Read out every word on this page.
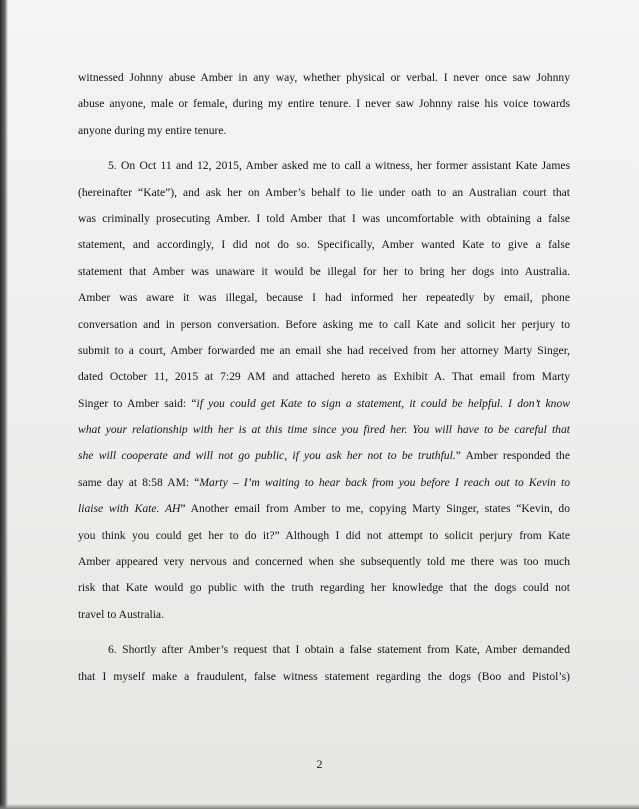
witnessed Johnny abuse Amber in any way, whether physical or verbal. I never once saw Johnny
abuse anyone, male or female, during my entire tenure. I never saw Johnny raise his voice towards
anyone during my entire tenure.
5. On Oct 11 and 12, 2015, Amber asked me to call a witness, her former assistant Kate James
(hereinafter “Kate”), and ask her on Amber’s behalf to lie under oath to an Australian court that
was criminally prosecuting Amber. I told Amber that I was uncomfortable with obtaining a false
statement, and accordingly, I did not do so. Specifically, Amber wanted Kate to give a false
statement that Amber was unaware it would be illegal for her to bring her dogs into Australia.
Amber was aware it was illegal, because I had informed her repeatedly by email, phone
conversation and in person conversation. Before asking me to call Kate and solicit her perjury to
submit to a court, Amber forwarded me an email she had received from her attorney Marty Singer,
dated October 11, 2015 at 7:29 AM and attached hereto as Exhibit A. That email from Marty
Singer to Amber said: “if you could get Kate to sign a statement, it could be helpful. I don’t know
what your relationship with her is at this time since you fired her. You will have to be careful that
she will cooperate and will not go public, if you ask her not to be truthful.” Amber responded the
same day at 8:58 AM: “Marty – I’m waiting to hear back from you before I reach out to Kevin to
liaise with Kate. AH” Another email from Amber to me, copying Marty Singer, states “Kevin, do
you think you could get her to do it?” Although I did not attempt to solicit perjury from Kate
Amber appeared very nervous and concerned when she subsequently told me there was too much
risk that Kate would go public with the truth regarding her knowledge that the dogs could not
travel to Australia.
6. Shortly after Amber’s request that I obtain a false statement from Kate, Amber demanded
that I myself make a fraudulent, false witness statement regarding the dogs (Boo and Pistol’s)
2
